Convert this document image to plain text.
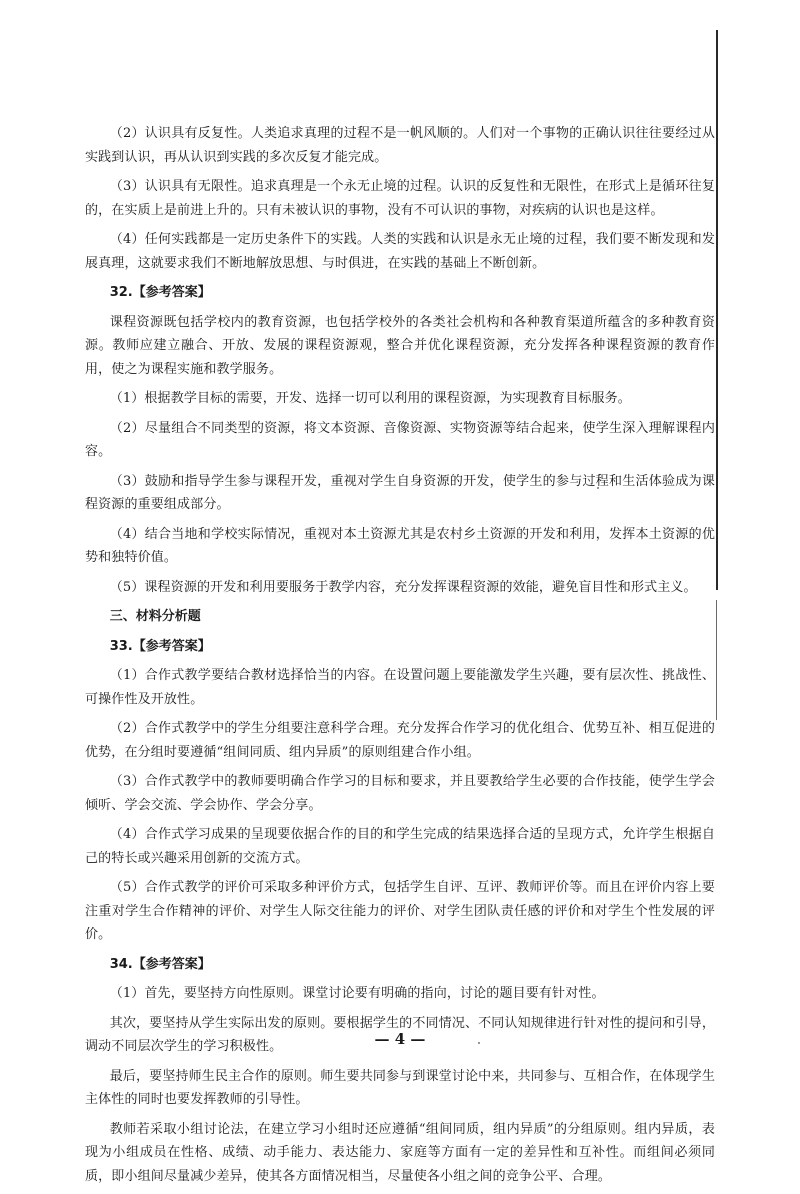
（2）认识具有反复性。人类追求真理的过程不是一帆风顺的。人们对一个事物的正确认识往往要经过从实践到认识，再从认识到实践的多次反复才能完成。

（3）认识具有无限性。追求真理是一个永无止境的过程。认识的反复性和无限性，在形式上是循环往复的，在实质上是前进上升的。只有未被认识的事物，没有不可认识的事物，对疾病的认识也是这样。

（4）任何实践都是一定历史条件下的实践。人类的实践和认识是永无止境的过程，我们要不断发现和发展真理，这就要求我们不断地解放思想、与时俱进，在实践的基础上不断创新。

32.【参考答案】

课程资源既包括学校内的教育资源，也包括学校外的各类社会机构和各种教育渠道所蕴含的多种教育资源。教师应建立融合、开放、发展的课程资源观，整合并优化课程资源，充分发挥各种课程资源的教育作用，使之为课程实施和教学服务。

（1）根据教学目标的需要，开发、选择一切可以利用的课程资源，为实现教育目标服务。

（2）尽量组合不同类型的资源，将文本资源、音像资源、实物资源等结合起来，使学生深入理解课程内容。

（3）鼓励和指导学生参与课程开发，重视对学生自身资源的开发，使学生的参与过程和生活体验成为课程资源的重要组成部分。

（4）结合当地和学校实际情况，重视对本土资源尤其是农村乡土资源的开发和利用，发挥本土资源的优势和独特价值。

（5）课程资源的开发和利用要服务于教学内容，充分发挥课程资源的效能，避免盲目性和形式主义。

三、材料分析题
33.【参考答案】

（1）合作式教学要结合教材选择恰当的内容。在设置问题上要能激发学生兴趣，要有层次性、挑战性、可操作性及开放性。

（2）合作式教学中的学生分组要注意科学合理。充分发挥合作学习的优化组合、优势互补、相互促进的优势，在分组时要遵循“组间同质、组内异质”的原则组建合作小组。

（3）合作式教学中的教师要明确合作学习的目标和要求，并且要教给学生必要的合作技能，使学生学会倾听、学会交流、学会协作、学会分享。

（4）合作式学习成果的呈现要依据合作的目的和学生完成的结果选择合适的呈现方式，允许学生根据自己的特长或兴趣采用创新的交流方式。

（5）合作式教学的评价可采取多种评价方式，包括学生自评、互评、教师评价等。而且在评价内容上要注重对学生合作精神的评价、对学生人际交往能力的评价、对学生团队责任感的评价和对学生个性发展的评价。

34.【参考答案】

（1）首先，要坚持方向性原则。课堂讨论要有明确的指向，讨论的题目要有针对性。

其次，要坚持从学生实际出发的原则。要根据学生的不同情况、不同认知规律进行针对性的提问和引导，调动不同层次学生的学习积极性。

最后，要坚持师生民主合作的原则。师生要共同参与到课堂讨论中来，共同参与、互相合作，在体现学生主体性的同时也要发挥教师的引导性。

教师若采取小组讨论法，在建立学习小组时还应遵循“组间同质，组内异质”的分组原则。组内异质，表现为小组成员在性格、成绩、动手能力、表达能力、家庭等方面有一定的差异性和互补性。而组间必须同质，即小组间尽量减少差异，使其各方面情况相当，尽量使各小组之间的竞争公平、合理。

— 4 —
